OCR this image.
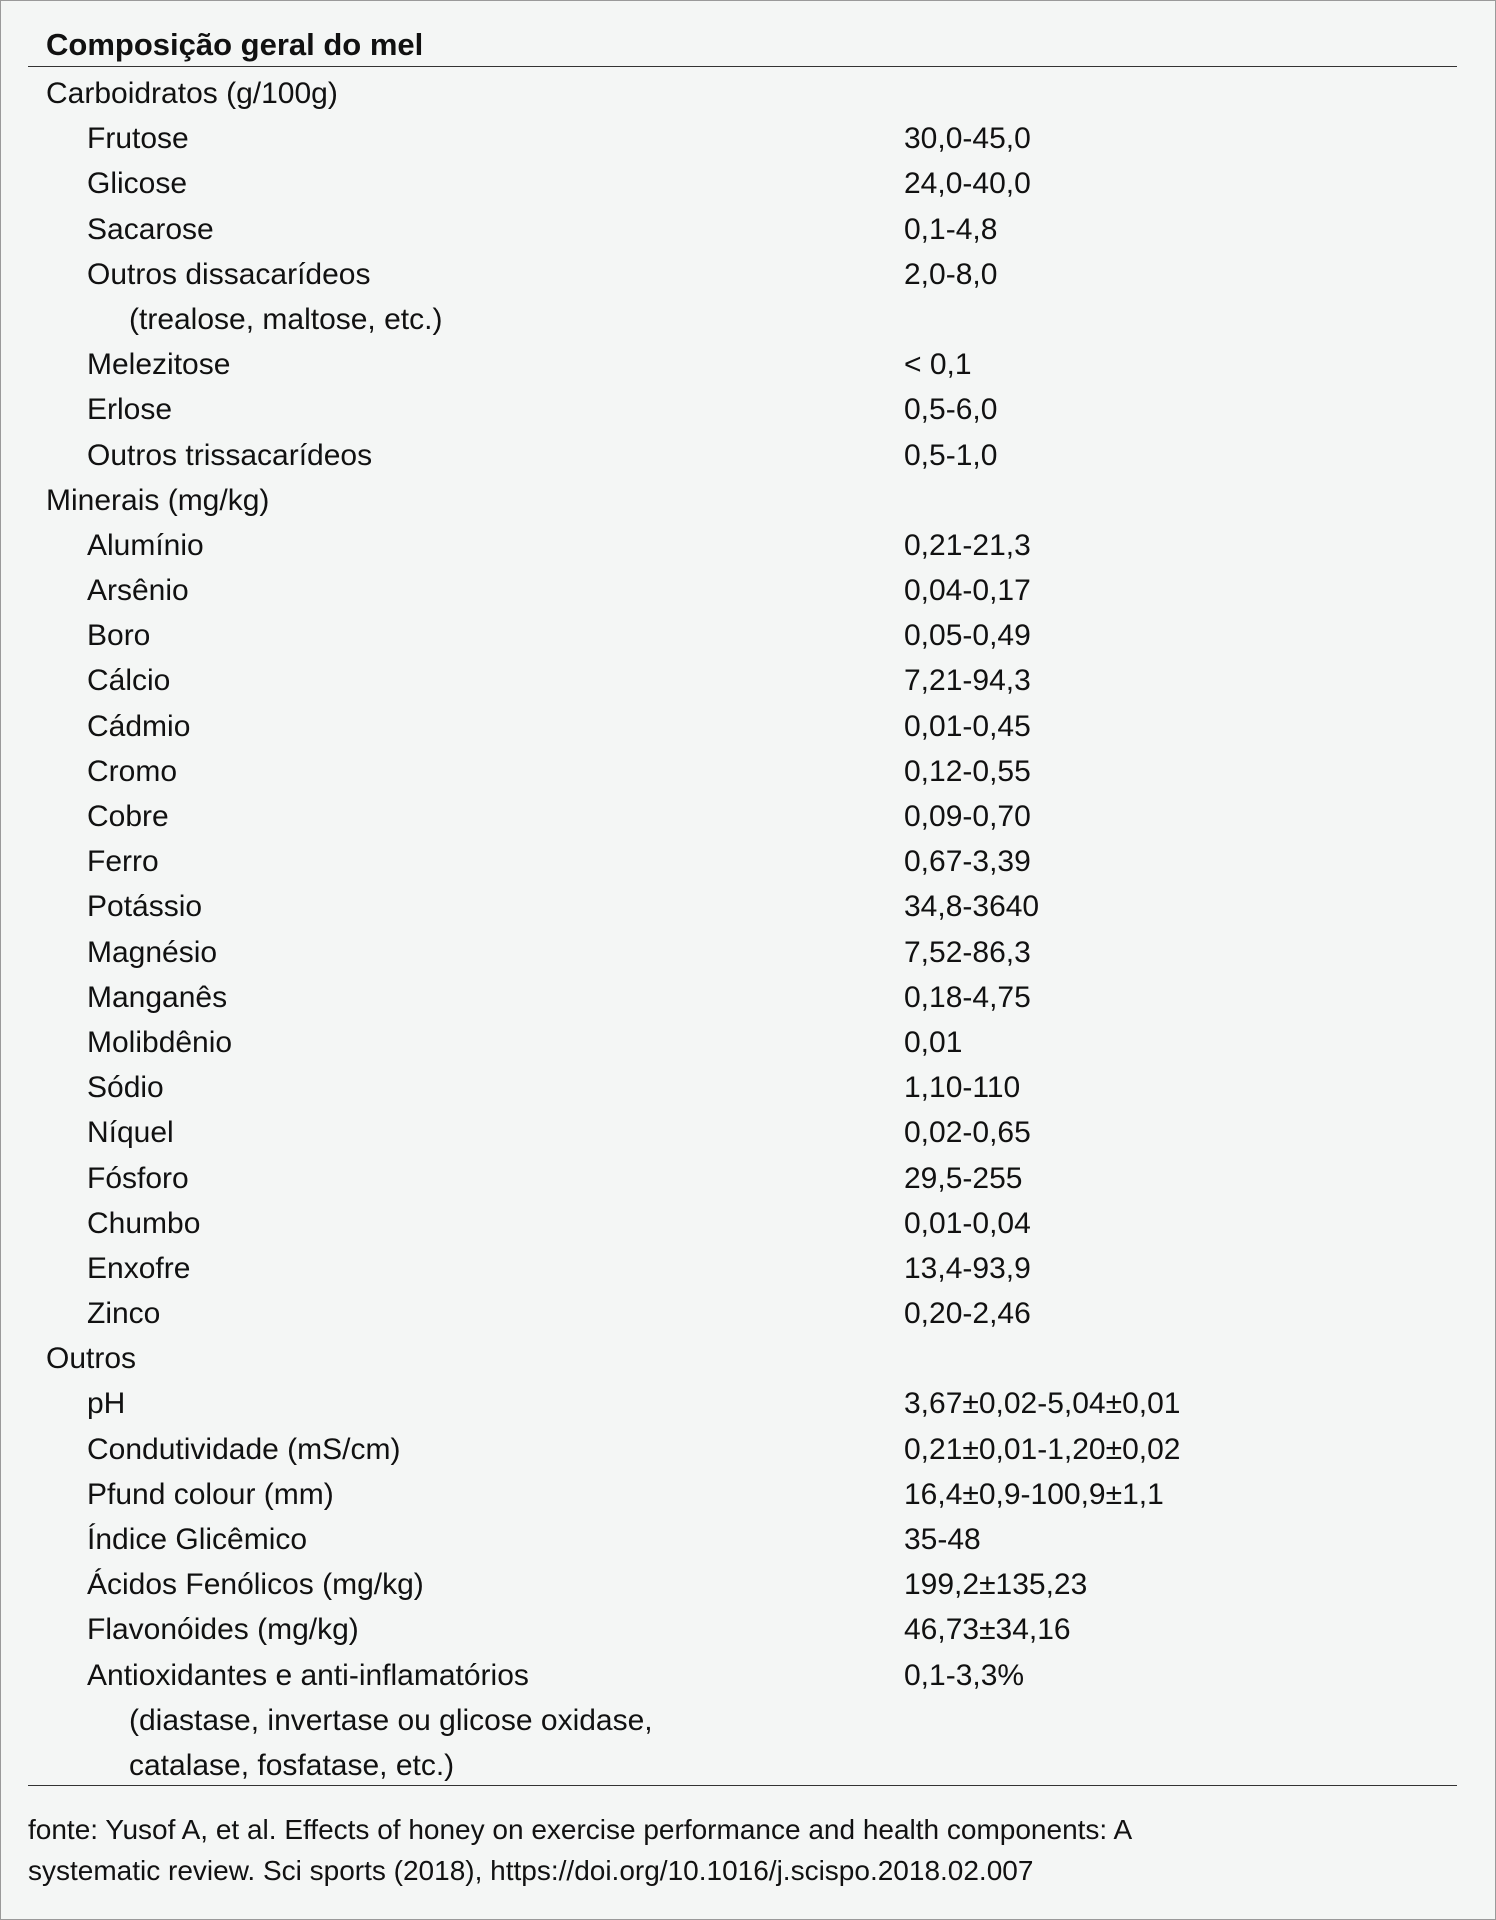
Composição geral do mel
Carboidratos (g/100g)
Frutose	30,0-45,0
Glicose	24,0-40,0
Sacarose	0,1-4,8
Outros dissacarídeos	2,0-8,0
(trealose, maltose, etc.)
Melezitose	< 0,1
Erlose	0,5-6,0
Outros trissacarídeos	0,5-1,0
Minerais (mg/kg)
Alumínio	0,21-21,3
Arsênio	0,04-0,17
Boro	0,05-0,49
Cálcio	7,21-94,3
Cádmio	0,01-0,45
Cromo	0,12-0,55
Cobre	0,09-0,70
Ferro	0,67-3,39
Potássio	34,8-3640
Magnésio	7,52-86,3
Manganês	0,18-4,75
Molibdênio	0,01
Sódio	1,10-110
Níquel	0,02-0,65
Fósforo	29,5-255
Chumbo	0,01-0,04
Enxofre	13,4-93,9
Zinco	0,20-2,46
Outros
pH	3,67±0,02-5,04±0,01
Condutividade (mS/cm)	0,21±0,01-1,20±0,02
Pfund colour (mm)	16,4±0,9-100,9±1,1
Índice Glicêmico	35-48
Ácidos Fenólicos (mg/kg)	199,2±135,23
Flavonóides (mg/kg)	46,73±34,16
Antioxidantes e anti-inflamatórios	0,1-3,3%
(diastase, invertase ou glicose oxidase,
catalase, fosfatase, etc.)
fonte: Yusof A, et al. Effects of honey on exercise performance and health components: A
systematic review. Sci sports (2018), https://doi.org/10.1016/j.scispo.2018.02.007
